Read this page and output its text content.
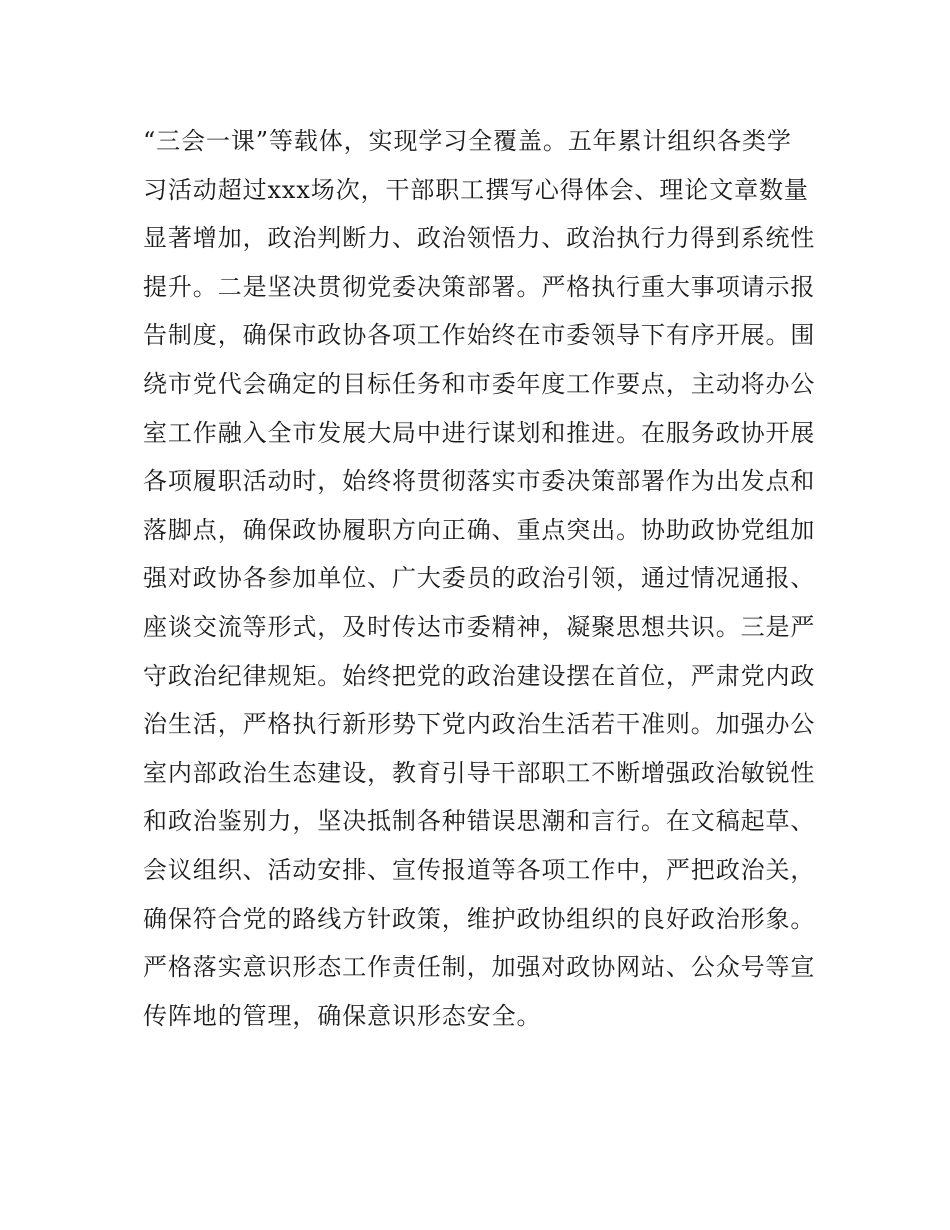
“三会一课”等载体，实现学习全覆盖。五年累计组织各类学
习活动超过xxx场次，干部职工撰写心得体会、理论文章数量
显著增加，政治判断力、政治领悟力、政治执行力得到系统性
提升。二是坚决贯彻党委决策部署。严格执行重大事项请示报
告制度，确保市政协各项工作始终在市委领导下有序开展。围
绕市党代会确定的目标任务和市委年度工作要点，主动将办公
室工作融入全市发展大局中进行谋划和推进。在服务政协开展
各项履职活动时，始终将贯彻落实市委决策部署作为出发点和
落脚点，确保政协履职方向正确、重点突出。协助政协党组加
强对政协各参加单位、广大委员的政治引领，通过情况通报、
座谈交流等形式，及时传达市委精神，凝聚思想共识。三是严
守政治纪律规矩。始终把党的政治建设摆在首位，严肃党内政
治生活，严格执行新形势下党内政治生活若干准则。加强办公
室内部政治生态建设，教育引导干部职工不断增强政治敏锐性
和政治鉴别力，坚决抵制各种错误思潮和言行。在文稿起草、
会议组织、活动安排、宣传报道等各项工作中，严把政治关，
确保符合党的路线方针政策，维护政协组织的良好政治形象。
严格落实意识形态工作责任制，加强对政协网站、公众号等宣
传阵地的管理，确保意识形态安全。
